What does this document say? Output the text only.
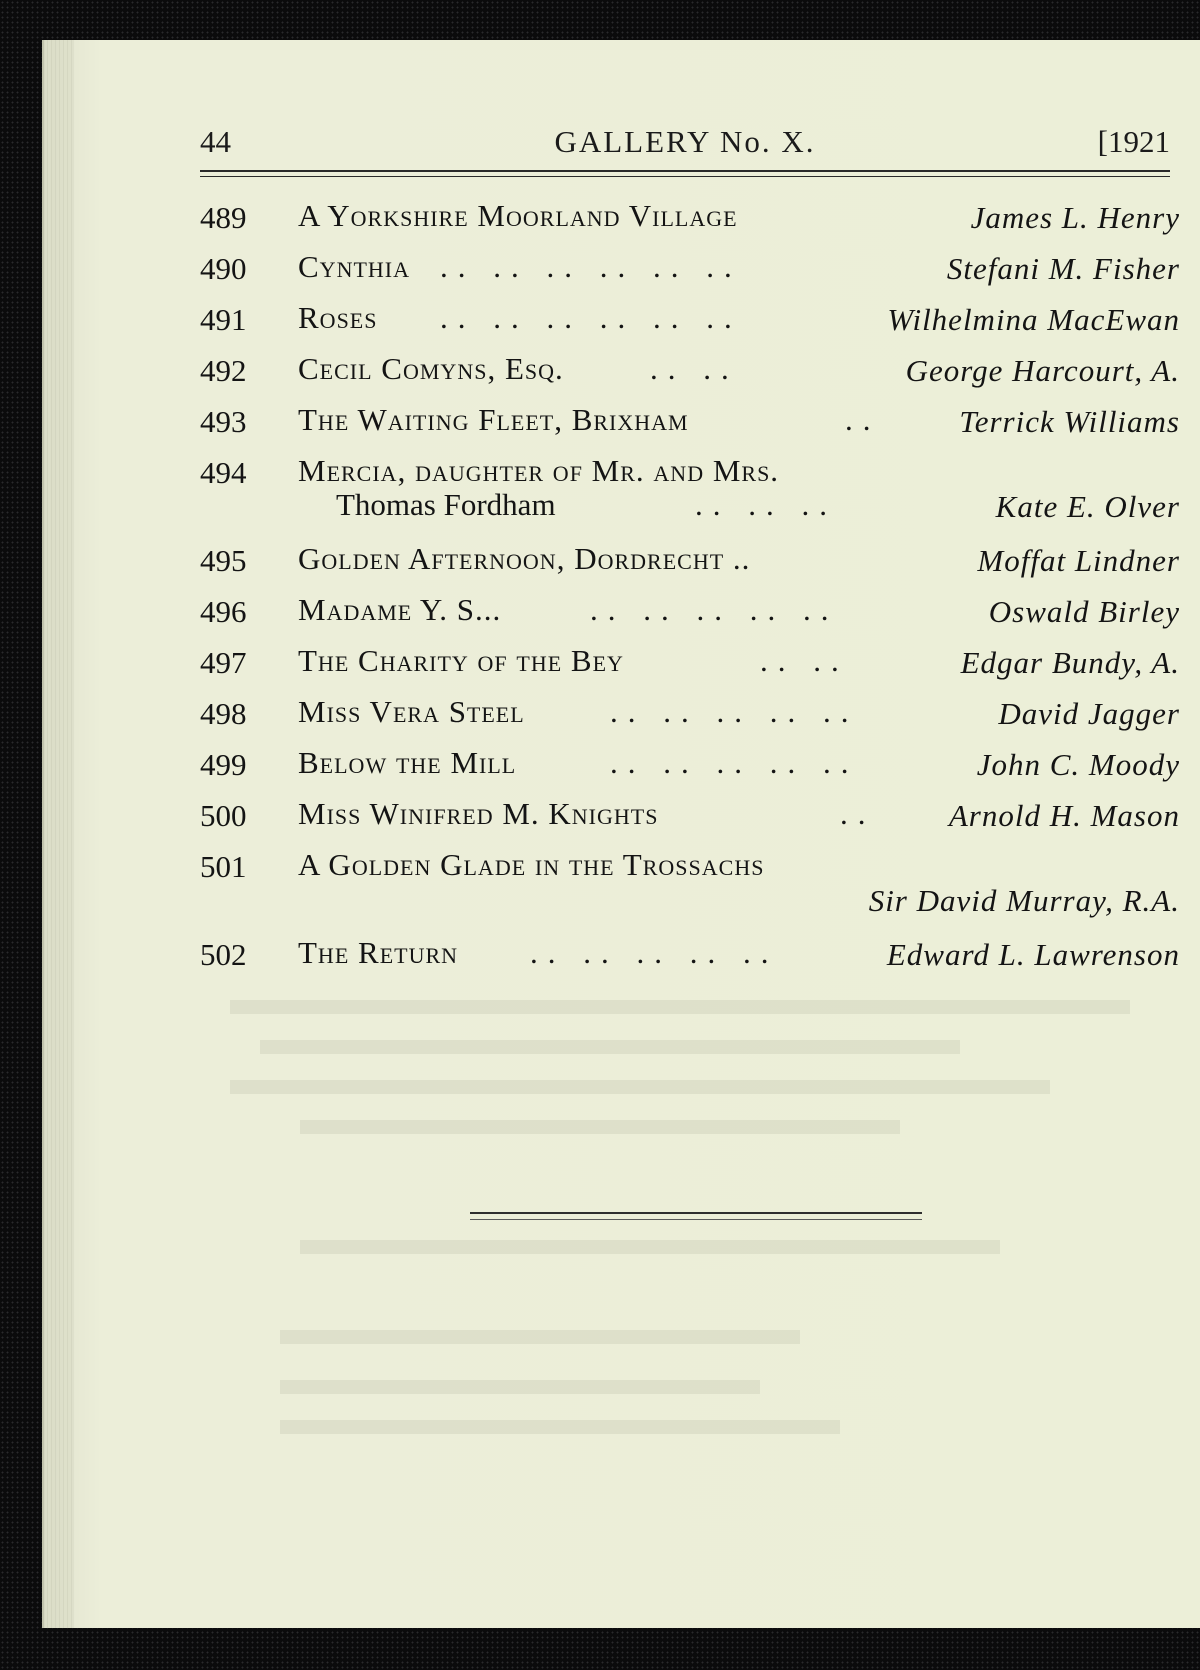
44	GALLERY No. X.	[1921
489 A Yorkshire Moorland Village	James L. Henry
490 Cynthia .. .. .. .. .. ..	Stefani M. Fisher
491 Roses .. .. .. .. .. ..	Wilhelmina MacEwan
492 Cecil Comyns, Esq.	.. ..	George Harcourt, A.
493 The Waiting Fleet, Brixham	..	Terrick Williams
494 Mercia, daughter of Mr. and Mrs.
Thomas Fordham	.. .. ..	Kate E. Olver
495 Golden Afternoon, Dordrecht ..	Moffat Lindner
496 Madame Y. S...	.. .. .. .. ..	Oswald Birley
497 The Charity of the Bey	.. ..	Edgar Bundy, A.
498 Miss Vera Steel	.. .. .. .. ..	David Jagger
499 Below the Mill	.. .. .. .. ..	John C. Moody
500 Miss Winifred M. Knights	.. Arnold H. Mason
501 A Golden Glade in the Trossachs
Sir David Murray, R.A.
502 The Return .. .. .. .. ..	Edward L. Lawrenson
